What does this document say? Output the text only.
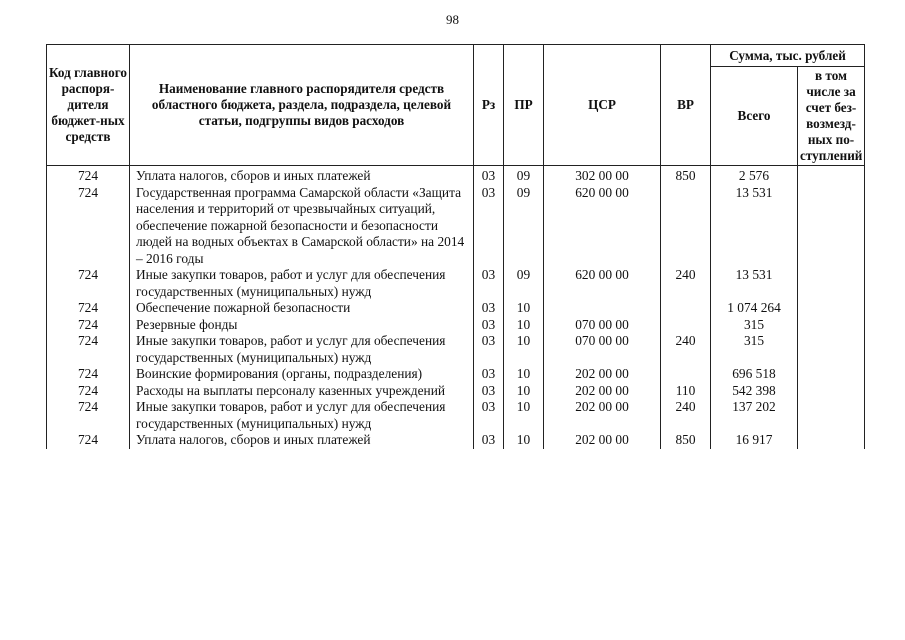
98
Код главного распоря-дителя бюджет-ных средств	Наименование главного распорядителя средств областного бюджета, раздела, подраздела, целевой статьи, подгруппы видов расходов	Рз	ПР	ЦСР	ВР	Сумма, тыс. рублей	
						Всего	в том числе за счет без-возмезд-ных по-ступлений
724	Уплата налогов, сборов и иных платежей	03	09	302 00 00	850	2 576	
724	Государственная программа Самарской области «Защита населения и территорий от чрезвычайных ситуаций, обеспечение пожарной безопасности и безопасности людей на водных объектах в Самарской области» на 2014 – 2016 годы	03	09	620 00 00		13 531	
724	Иные закупки товаров, работ и услуг для обеспечения государственных (муниципальных) нужд	03	09	620 00 00	240	13 531	
724	Обеспечение пожарной безопасности	03	10			1 074 264	
724	Резервные фонды	03	10	070 00 00		315	
724	Иные закупки товаров, работ и услуг для обеспечения государственных (муниципальных) нужд	03	10	070 00 00	240	315	
724	Воинские формирования (органы, подразделения)	03	10	202 00 00		696 518	
724	Расходы на выплаты персоналу казенных учреждений	03	10	202 00 00	110	542 398	
724	Иные закупки товаров, работ и услуг для обеспечения государственных (муниципальных) нужд	03	10	202 00 00	240	137 202	
724	Уплата налогов, сборов и иных платежей	03	10	202 00 00	850	16 917	
